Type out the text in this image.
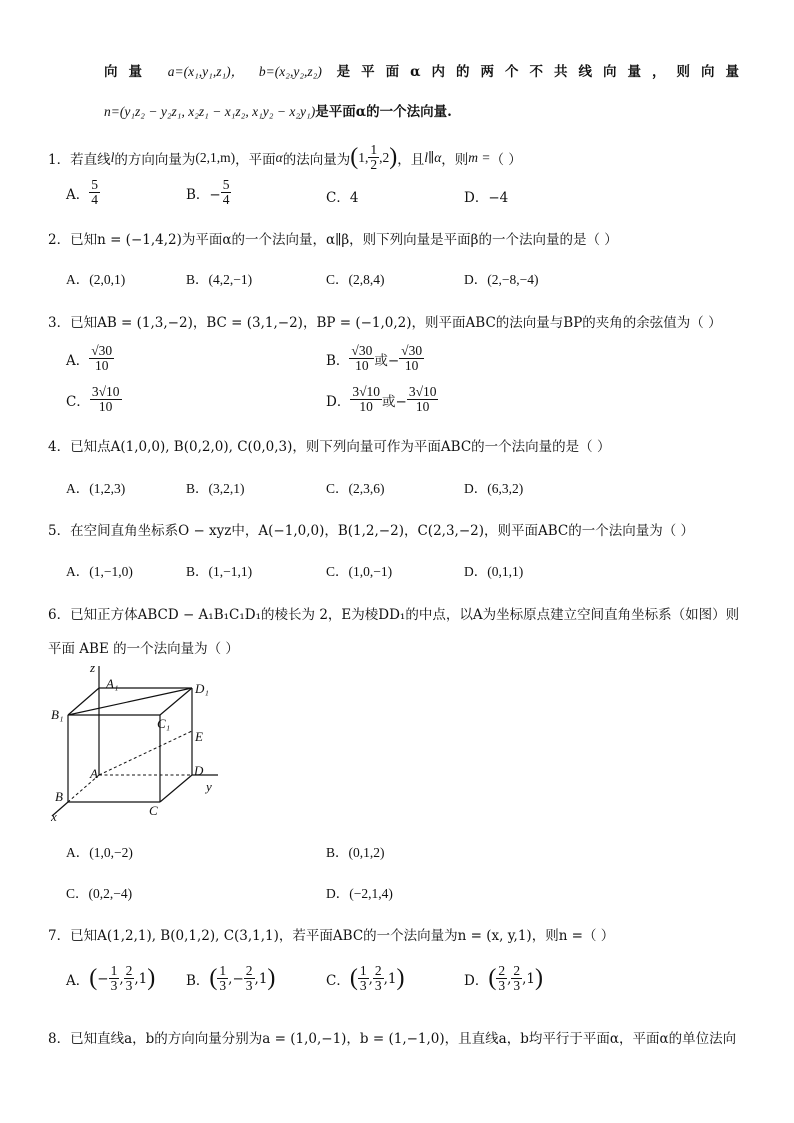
向量 a=(x₁,y₁,z₁)， b=(x₂,y₂,z₂) 是平面α内的两个不共线向量，则向量
n=(y₁z₂ − y₂z₁, x₂z₁ − x₁z₂, x₁y₂ − x₂y₁)是平面α的一个法向量.
1． 若直线 l 的方向向量为 (2,1,m) ，平面 α 的法向量为 ( 1, $\frac{1}{2} ,2$ ) ，且 l∥α ，则 m = （ ）
A． $\frac{5}{4}$	B．− $\frac{5}{4}$	C．4	D．−4
2．已知n = (−1,4,2)为平面α的一个法向量，α∥β，则下列向量是平面β的一个法向量的是（ ）
A．(2,0,1)	B．(4,2,−1)	C．(2,8,4)	D．(2,−8,−4)
3．已知AB = (1,3,−2)，BC = (3,1,−2)，BP = (−1,0,2)，则平面ABC的法向量与BP的夹角的余弦值为（ ）
A． $\frac{√30}{10}$	B． $\frac{√30}{10}$ 或− $\frac{√30}{10}$
C． $\frac{3√10}{10}$	D． $\frac{3√10}{10}$ 或− $\frac{3√10}{10}$
4．已知点A(1,0,0), B(0,2,0), C(0,0,3)，则下列向量可作为平面ABC的一个法向量的是（ ）
A．(1,2,3)	B．(3,2,1)	C．(2,3,6)	D．(6,3,2)
5．在空间直角坐标系O − xyz中，A(−1,0,0)，B(1,2,−2)，C(2,3,−2)，则平面ABC的一个法向量为（ ）
A．(1,−1,0)	B．(1,−1,1)	C．(1,0,−1)	D．(0,1,1)
6．已知正方体ABCD − A₁B₁C₁D₁的棱长为 2，E为棱DD₁的中点，以A为坐标原点建立空间直角坐标系（如图）则
平面 ABE 的一个法向量为（ ）
z
A₁	D₁
B₁
C₁
E
A	D
y
B
C
x
A．(1,0,−2)	B．(0,1,2)
C．(0,2,−4)	D．(−2,1,4)
7．已知A(1,2,1), B(0,1,2), C(3,1,1)，若平面ABC的一个法向量为n = (x, y,1)，则n =（ ）
A． ( − $\frac{1}{3}$ , $\frac{2}{3} ,1$ ) B． ( $\frac{1}{3}$ ,− $\frac{2}{3} ,1$ )	C． ( $\frac{1}{3}$ , $\frac{2}{3} ,1$ )	D． ( $\frac{2}{3}$ , $\frac{2}{3} ,1$ )
8．已知直线a，b的方向向量分别为a = (1,0,−1)，b = (1,−1,0)，且直线a，b均平行于平面α，平面α的单位法向
